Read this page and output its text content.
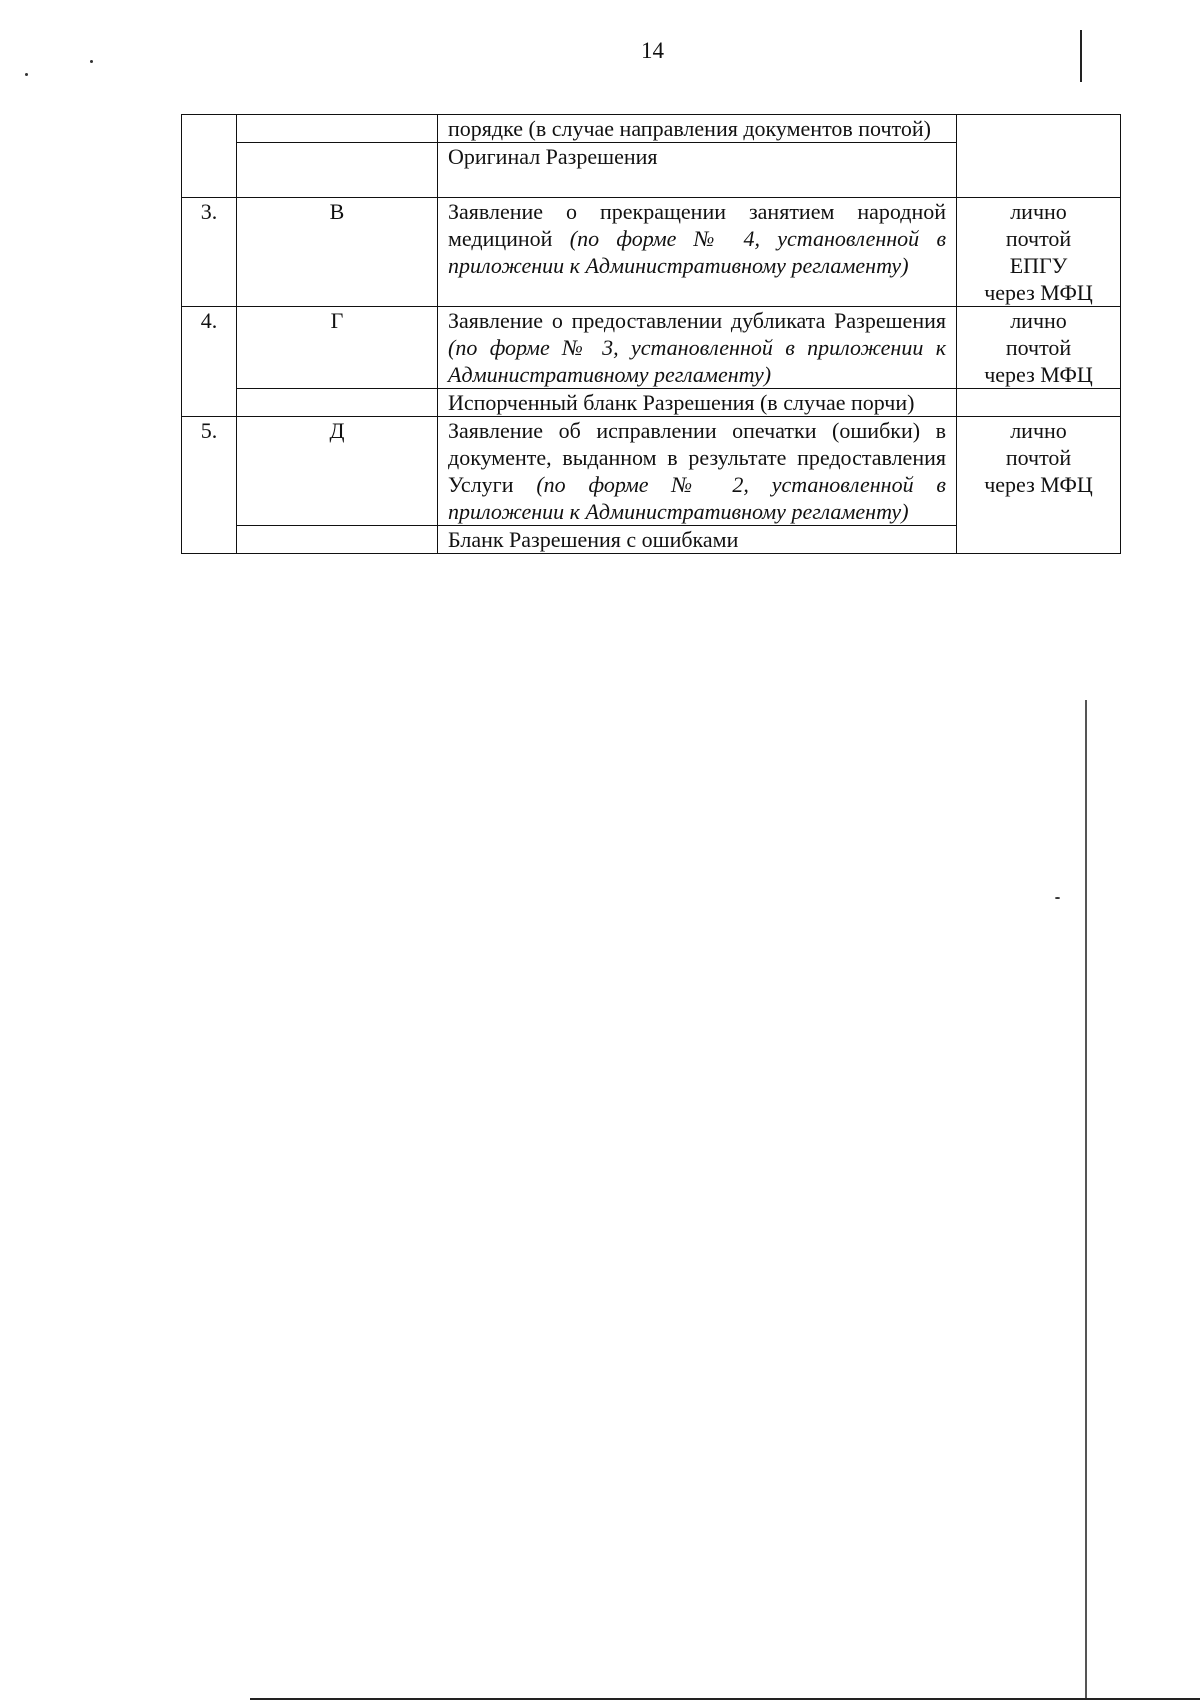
14
		порядке (в случае направления документов почтой)	
		Оригинал Разрешения	
3.	В	Заявление о прекращении занятием народной медициной (по форме № 4, установленной в приложении к Административному регламенту)	лично
почтой
ЕПГУ
через МФЦ

4.	Г	Заявление о предоставлении дубликата Разрешения (по форме № 3, установленной в приложении к Административному регламенту)	лично
почтой
через МФЦ

		Испорченный бланк Разрешения (в случае порчи)	
5.	Д	Заявление об исправлении опечатки (ошибки) в документе, выданном в результате предоставления Услуги (по форме № 2, установленной в приложении к Административному регламенту)	лично
почтой
через МФЦ

		Бланк Разрешения с ошибками	
